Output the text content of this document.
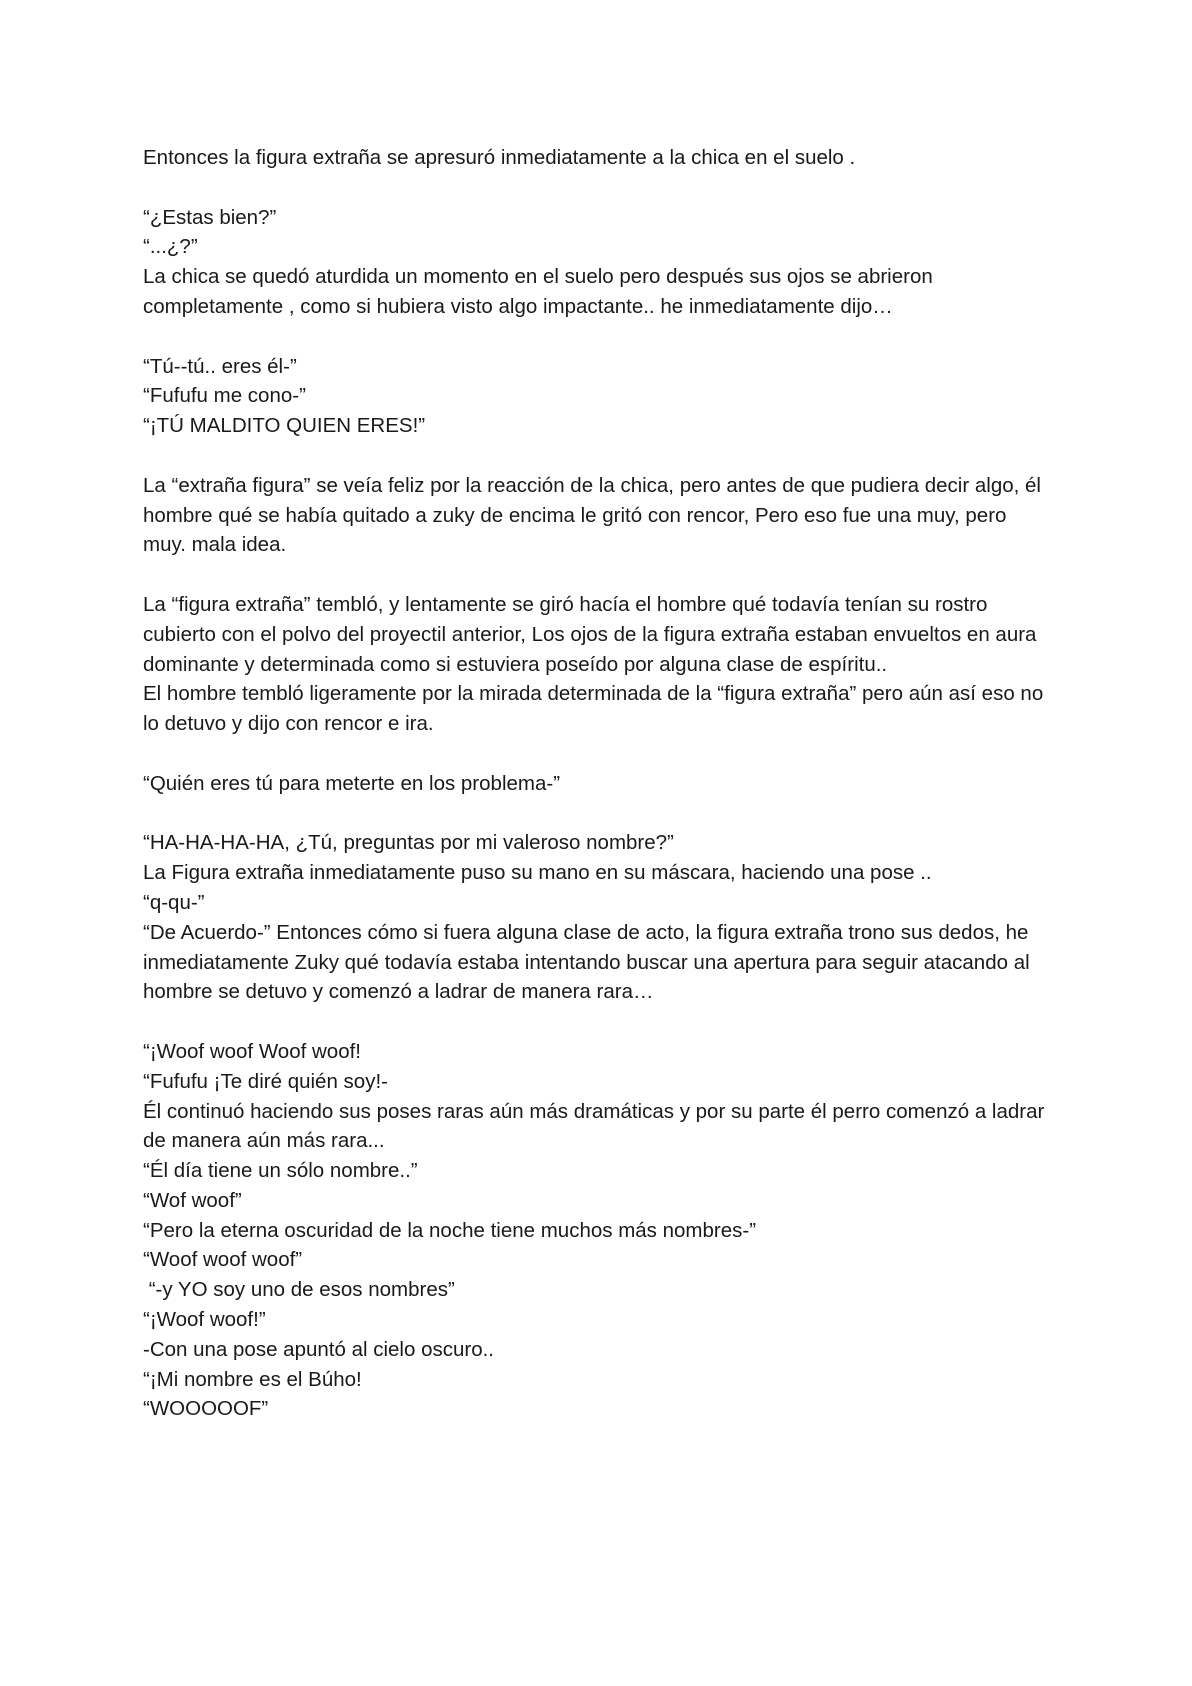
Entonces la figura extraña se apresuró inmediatamente a la chica en el suelo .

“¿Estas bien?”
“...¿?”
La chica se quedó aturdida un momento en el suelo pero después sus ojos se abrieron completamente , como si hubiera visto algo impactante.. he inmediatamente dijo…

“Tú--tú.. eres él-”
“Fufufu me cono-”
“¡TÚ MALDITO QUIEN ERES!”

La “extraña figura” se veía feliz por la reacción de la chica, pero antes de que pudiera decir algo, él hombre qué se había quitado a zuky de encima le gritó con rencor, Pero eso fue una muy, pero muy. mala idea.

La “figura extraña” tembló, y lentamente se giró hacía el hombre qué todavía tenían su rostro cubierto con el polvo del proyectil anterior, Los ojos de la figura extraña estaban envueltos en aura dominante y determinada como si estuviera poseído por alguna clase de espíritu..
El hombre tembló ligeramente por la mirada determinada de la “figura extraña” pero aún así eso no lo detuvo y dijo con rencor e ira.

“Quién eres tú para meterte en los problema-”

“HA-HA-HA-HA, ¿Tú, preguntas por mi valeroso nombre?”
La Figura extraña inmediatamente puso su mano en su máscara, haciendo una pose ..
“q-qu-”
“De Acuerdo-” Entonces cómo si fuera alguna clase de acto, la figura extraña trono sus dedos, he inmediatamente Zuky qué todavía estaba intentando buscar una apertura para seguir atacando al hombre se detuvo y comenzó a ladrar de manera rara…

“¡Woof woof Woof woof!
“Fufufu ¡Te diré quién soy!-
Él continuó haciendo sus poses raras aún más dramáticas y por su parte él perro comenzó a ladrar de manera aún más rara...
“Él día tiene un sólo nombre..”
“Wof woof”
“Pero la eterna oscuridad de la noche tiene muchos más nombres-”
“Woof woof woof”
“-y YO soy uno de esos nombres”
“¡Woof woof!”
-Con una pose apuntó al cielo oscuro..
“¡Mi nombre es el Búho!
“WOOOOOF”
